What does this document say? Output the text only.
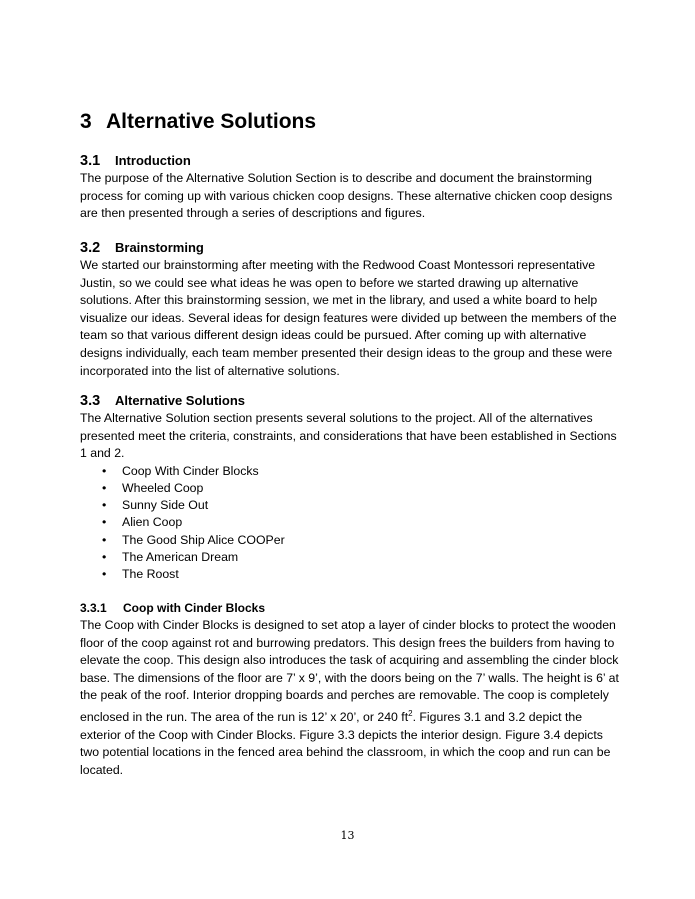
3 Alternative Solutions
3.1 Introduction

The purpose of the Alternative Solution Section is to describe and document the brainstorming process for coming up with various chicken coop designs. These alternative chicken coop designs are then presented through a series of descriptions and figures.

3.2 Brainstorming

We started our brainstorming after meeting with the Redwood Coast Montessori representative Justin, so we could see what ideas he was open to before we started drawing up alternative solutions. After this brainstorming session, we met in the library, and used a white board to help visualize our ideas. Several ideas for design features were divided up between the members of the team so that various different design ideas could be pursued. After coming up with alternative designs individually, each team member presented their design ideas to the group and these were incorporated into the list of alternative solutions.

3.3 Alternative Solutions

The Alternative Solution section presents several solutions to the project. All of the alternatives presented meet the criteria, constraints, and considerations that have been established in Sections 1 and 2.

• Coop With Cinder Blocks
• Wheeled Coop
• Sunny Side Out
• Alien Coop
• The Good Ship Alice COOPer
• The American Dream
• The Roost
3.3.1 Coop with Cinder Blocks

The Coop with Cinder Blocks is designed to set atop a layer of cinder blocks to protect the wooden floor of the coop against rot and burrowing predators. This design frees the builders from having to elevate the coop. This design also introduces the task of acquiring and assembling the cinder block base. The dimensions of the floor are 7’ x 9’, with the doors being on the 7’ walls. The height is 6’ at the peak of the roof. Interior dropping boards and perches are removable. The coop is completely enclosed in the run. The area of the run is 12’ x 20’, or 240 $ft^2$. Figures 3.1 and 3.2 depict the exterior of the Coop with Cinder Blocks. Figure 3.3 depicts the interior design. Figure 3.4 depicts two potential locations in the fenced area behind the classroom, in which the coop and run can be located.

13
